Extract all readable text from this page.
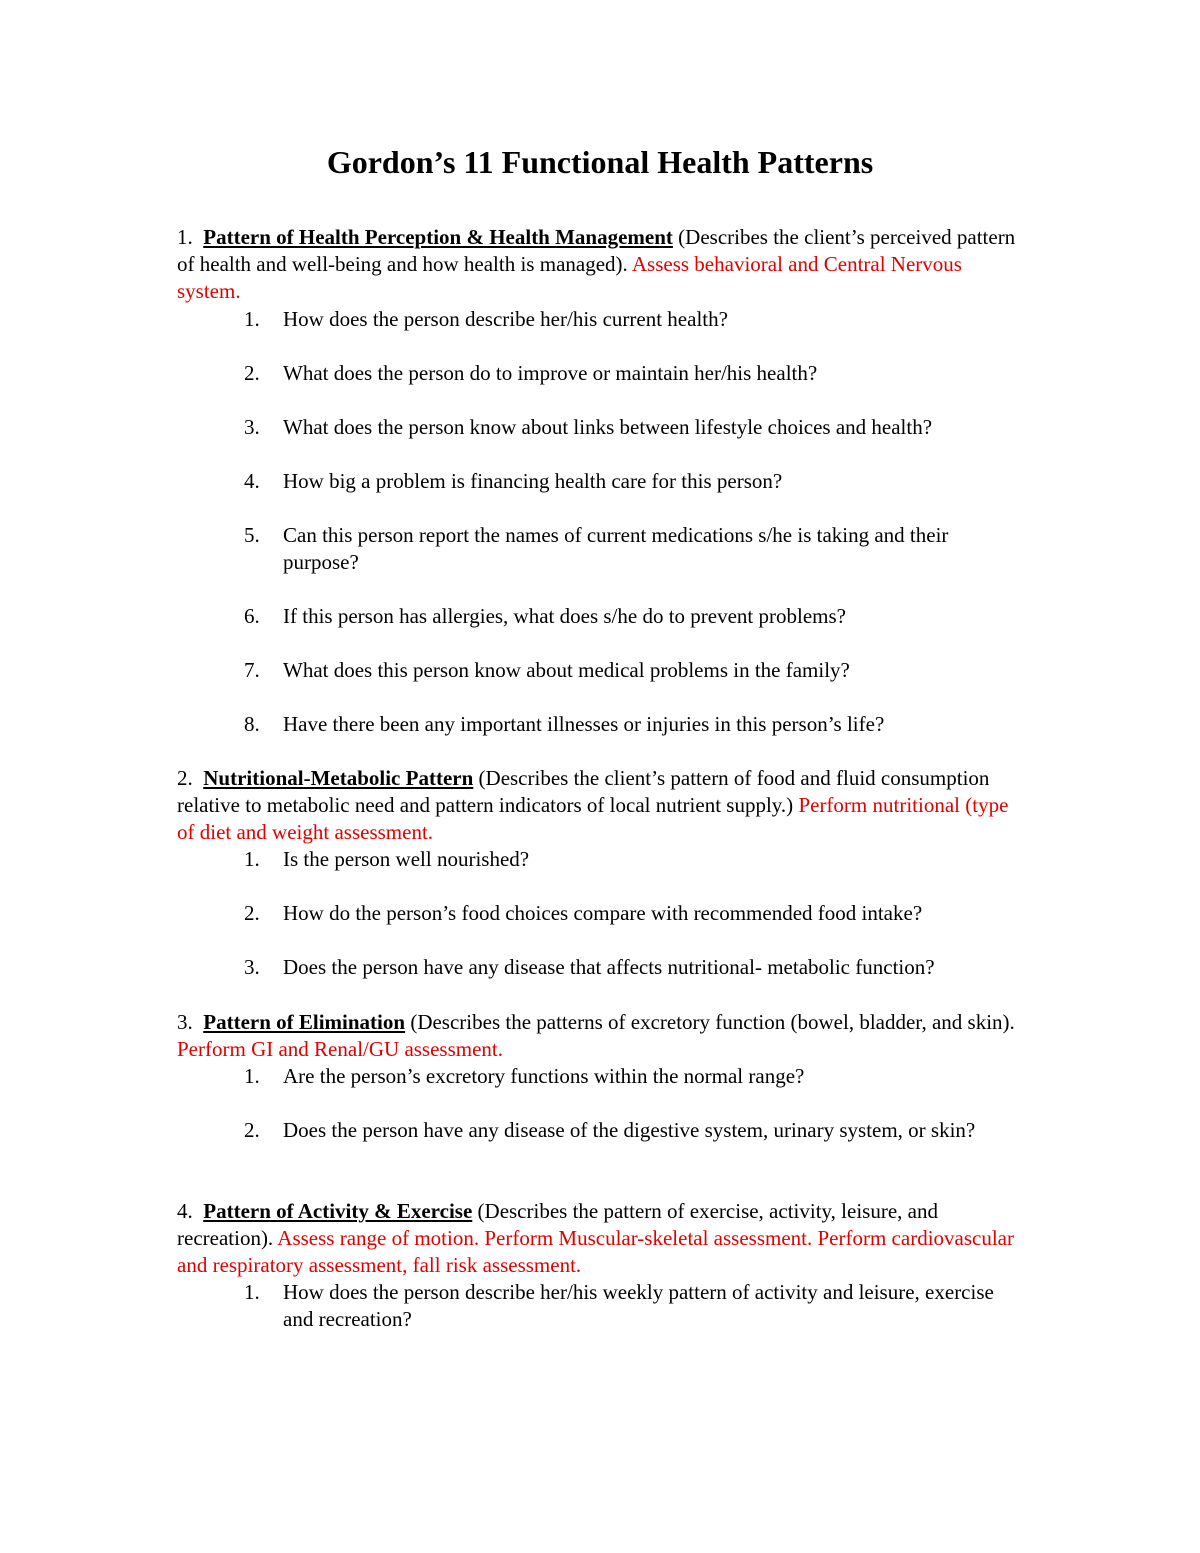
Gordon’s 11 Functional Health Patterns
1. Pattern of Health Perception & Health Management (Describes the client’s perceived pattern of health and well-being and how health is managed). Assess behavioral and Central Nervous system.
1.	How does the person describe her/his current health?
2.	What does the person do to improve or maintain her/his health?
3.	What does the person know about links between lifestyle choices and health?
4.	How big a problem is financing health care for this person?
5.	Can this person report the names of current medications s/he is taking and their purpose?
6.	If this person has allergies, what does s/he do to prevent problems?
7.	What does this person know about medical problems in the family?
8.	Have there been any important illnesses or injuries in this person’s life?
2. Nutritional-Metabolic Pattern (Describes the client’s pattern of food and fluid consumption relative to metabolic need and pattern indicators of local nutrient supply.) Perform nutritional (type of diet and weight assessment.
1.	Is the person well nourished?
2.	How do the person’s food choices compare with recommended food intake?
3.	Does the person have any disease that affects nutritional- metabolic function?
3. Pattern of Elimination (Describes the patterns of excretory function (bowel, bladder, and skin). Perform GI and Renal/GU assessment.
1.	Are the person’s excretory functions within the normal range?
2.	Does the person have any disease of the digestive system, urinary system, or skin?
4. Pattern of Activity & Exercise (Describes the pattern of exercise, activity, leisure, and recreation). Assess range of motion. Perform Muscular-skeletal assessment. Perform cardiovascular and respiratory assessment, fall risk assessment.
1.	How does the person describe her/his weekly pattern of activity and leisure, exercise and recreation?
